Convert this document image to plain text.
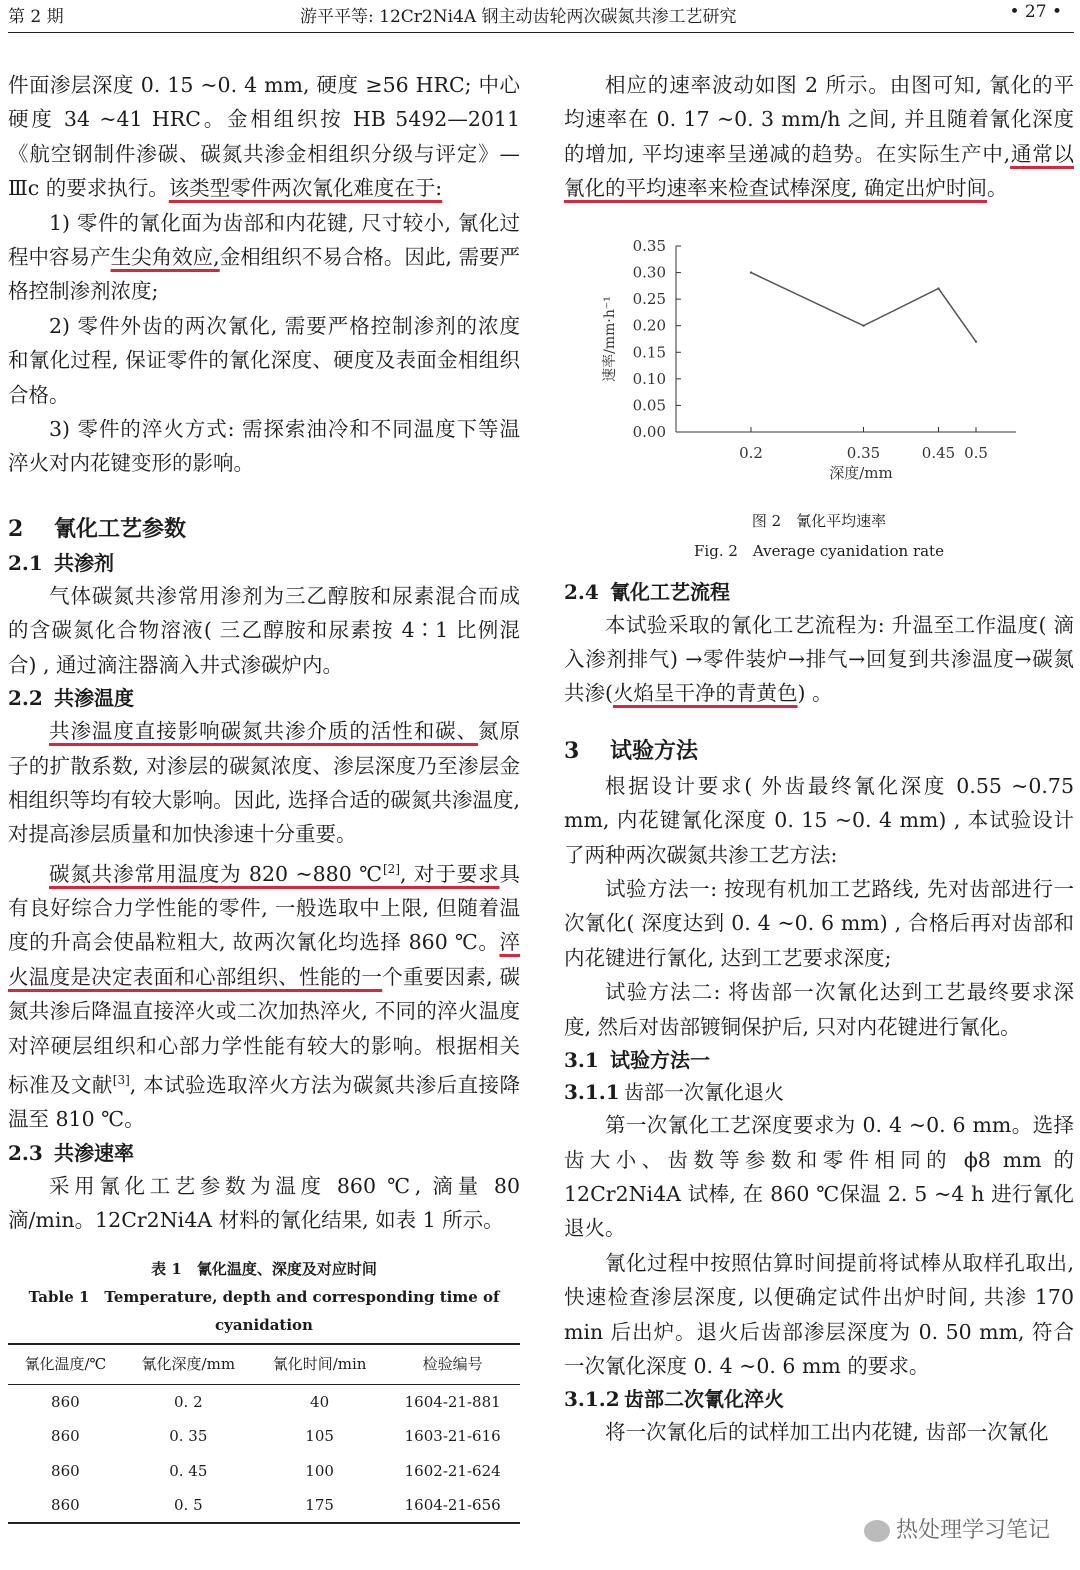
第 2 期	游平平等: 12Cr2Ni4A 钢主动齿轮两次碳氮共渗工艺研究	• 27 •

件面渗层深度 0. 15 ~0. 4 mm, 硬度 ≥56 HRC; 中心硬度 34 ~41 HRC。金相组织按 HB 5492—2011《航空钢制件渗碳、碳氮共渗金相组织分级与评定》—Ⅲc 的要求执行。该类型零件两次氰化难度在于:

1) 零件的氰化面为齿部和内花键, 尺寸较小, 氰化过程中容易产生尖角效应,金相组织不易合格。因此, 需要严格控制渗剂浓度;

2) 零件外齿的两次氰化, 需要严格控制渗剂的浓度和氰化过程, 保证零件的氰化深度、硬度及表面金相组织合格。

3) 零件的淬火方式: 需探索油冷和不同温度下等温淬火对内花键变形的影响。

2 氰化工艺参数
2.1 共渗剂

气体碳氮共渗常用渗剂为三乙醇胺和尿素混合而成的含碳氮化合物溶液( 三乙醇胺和尿素按 4∶1 比例混合) , 通过滴注器滴入井式渗碳炉内。

2.2 共渗温度

共渗温度直接影响碳氮共渗介质的活性和碳、氮原子的扩散系数, 对渗层的碳氮浓度、渗层深度乃至渗层金相组织等均有较大影响。因此, 选择合适的碳氮共渗温度, 对提高渗层质量和加快渗速十分重要。

碳氮共渗常用温度为 820 ~880 ℃[2], 对于要求具有良好综合力学性能的零件, 一般选取中上限, 但随着温度的升高会使晶粒粗大, 故两次氰化均选择 860 ℃。淬火温度是决定表面和心部组织、性能的一个重要因素, 碳氮共渗后降温直接淬火或二次加热淬火, 不同的淬火温度对淬硬层组织和心部力学性能有较大的影响。根据相关标准及文献[3], 本试验选取淬火方法为碳氮共渗后直接降温至 810 ℃。

2.3 共渗速率

采用氰化工艺参数为温度 860 ℃, 滴量 80 滴/min。12Cr2Ni4A 材料的氰化结果, 如表 1 所示。

表 1　氰化温度、深度及对应时间
Table 1　Temperature, depth and corresponding time of cyanidation
氰化温度/℃	氰化深度/mm	氰化时间/min	检验编号
860	0. 2	40	1604-21-881
860	0. 35	105	1603-21-616
860	0. 45	100	1602-21-624
860	0. 5	175	1604-21-656

相应的速率波动如图 2 所示。由图可知, 氰化的平均速率在 0. 17 ~0. 3 mm/h 之间, 并且随着氰化深度的增加, 平均速率呈递减的趋势。在实际生产中,通常以氰化的平均速率来检查试棒深度, 确定出炉时间。

0.00
0.05
0.10
0.15
0.20
0.25
0.30
0.35
0.2	0.35	0.45 0.5
深度/mm
速率/mm·h⁻¹
图 2　氰化平均速率
Fig. 2　Average cyanidation rate
2.4 氰化工艺流程

本试验采取的氰化工艺流程为: 升温至工作温度( 滴入渗剂排气) →零件装炉→排气→回复到共渗温度→碳氮共渗(火焰呈干净的青黄色) 。

3 试验方法

根据设计要求( 外齿最终氰化深度 0.55 ~0.75 mm, 内花键氰化深度 0. 15 ~0. 4 mm) , 本试验设计了两种两次碳氮共渗工艺方法:

试验方法一: 按现有机加工艺路线, 先对齿部进行一次氰化( 深度达到 0. 4 ~0. 6 mm) , 合格后再对齿部和内花键进行氰化, 达到工艺要求深度;

试验方法二: 将齿部一次氰化达到工艺最终要求深度, 然后对齿部镀铜保护后, 只对内花键进行氰化。

3.1 试验方法一
3.1.1 齿部一次氰化退火

第一次氰化工艺深度要求为 0. 4 ~0. 6 mm。选择齿大小、齿数等参数和零件相同的 ϕ8 mm 的 12Cr2Ni4A 试棒, 在 860 ℃保温 2. 5 ~4 h 进行氰化退火。

氰化过程中按照估算时间提前将试棒从取样孔取出, 快速检查渗层深度, 以便确定试件出炉时间, 共渗 170 min 后出炉。退火后齿部渗层深度为 0. 50 mm, 符合一次氰化深度 0. 4 ~0. 6 mm 的要求。

3.1.2 齿部二次氰化淬火

将一次氰化后的试样加工出内花键, 齿部一次氰化

热处理学习笔记
